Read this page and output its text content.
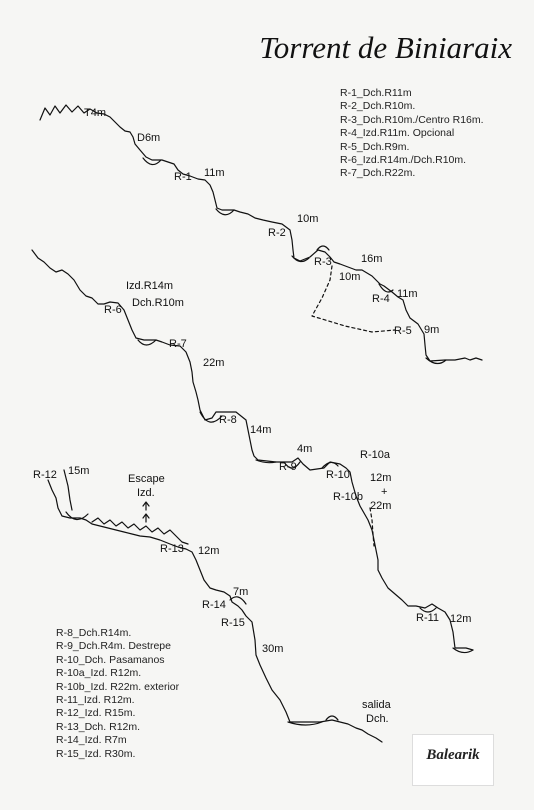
Torrent de Biniaraix
R-1_Dch.R11m
R-2_Dch.R10m.
R-3_Dch.R10m./Centro R16m.
R-4_Izd.R11m. Opcional
R-5_Dch.R9m.
R-6_Izd.R14m./Dch.R10m.
R-7_Dch.R22m.
R-8_Dch.R14m.
R-9_Dch.R4m. Destrepe
R-10_Dch. Pasamanos
R-10a_Izd. R12m.
R-10b_Izd. R22m. exterior
R-11_Izd. R12m.
R-12_Izd. R15m.
R-13_Dch. R12m.
R-14_Izd. R7m
R-15_Izd. R30m.
T4m
D6m
R-1 11m
R-2
10m
R-3
10m
16m
R-4 11m
R-5 9m
Izd.R14m
Dch.R10m
R-6
R-7
22m
R-8
14m
R-9
4m
R-10
R-10a
R-10b
12m
+
22m
R-11 12m
R-12 15m
Escape
Izd.
R-13 12m
R-14
7m
R-15
30m
salida
Dch.
Balearik
